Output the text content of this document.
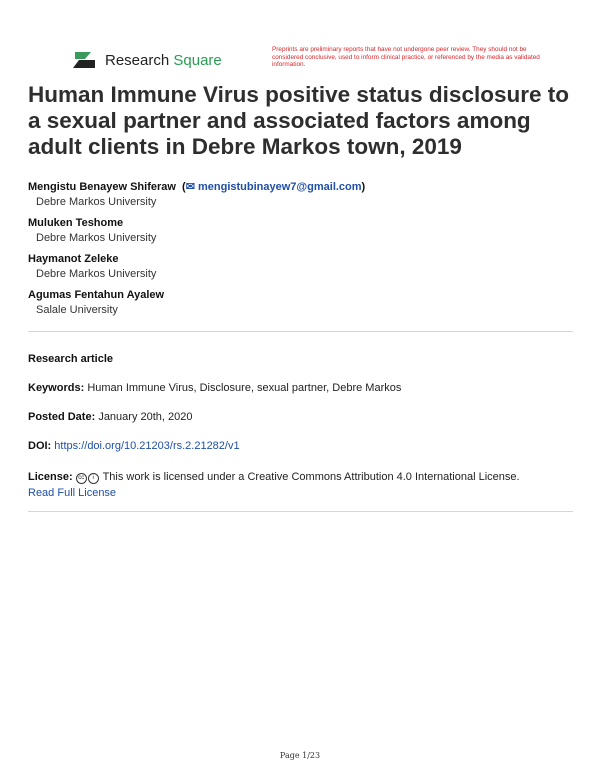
Research Square
Preprints are preliminary reports that have not undergone peer review. They should not be considered conclusive, used to inform clinical practice, or referenced by the media as validated information.
Human Immune Virus positive status disclosure to a sexual partner and associated factors among adult clients in Debre Markos town, 2019
Mengistu Benayew Shiferaw  (✉ mengistubinayew7@gmail.com)
Debre Markos University
Muluken Teshome
Debre Markos University
Haymanot Zeleke
Debre Markos University
Agumas Fentahun Ayalew
Salale University
Research article
Keywords: Human Immune Virus, Disclosure, sexual partner, Debre Markos
Posted Date: January 20th, 2020
DOI: https://doi.org/10.21203/rs.2.21282/v1
License: cc i This work is licensed under a Creative Commons Attribution 4.0 International License.
Read Full License
Page 1/23
